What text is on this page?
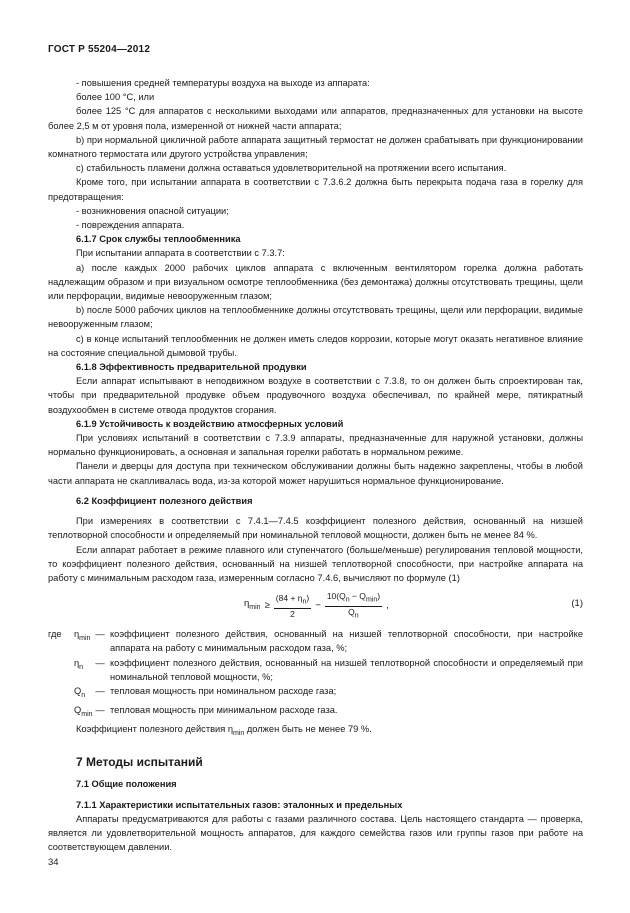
ГОСТ Р 55204—2012

- повышения средней температуры воздуха на выходе из аппарата:

более 100 °С, или

более 125 °С для аппаратов с несколькими выходами или аппаратов, предназначенных для установки на высоте более 2,5 м от уровня пола, измеренной от нижней части аппарата;

b) при нормальной цикличной работе аппарата защитный термостат не должен срабатывать при функционировании комнатного термостата или другого устройства управления;

c) стабильность пламени должна оставаться удовлетворительной на протяжении всего испытания.

Кроме того, при испытании аппарата в соответствии с 7.3.6.2 должна быть перекрыта подача газа в горелку для предотвращения:

- возникновения опасной ситуации;

- повреждения аппарата.

6.1.7 Срок службы теплообменника

При испытании аппарата в соответствии с 7.3.7:

a) после каждых 2000 рабочих циклов аппарата с включенным вентилятором горелка должна работать надлежащим образом и при визуальном осмотре теплообменника (без демонтажа) должны отсутствовать трещины, щели или перфорации, видимые невооруженным глазом;

b) после 5000 рабочих циклов на теплообменнике должны отсутствовать трещины, щели или перфорации, видимые невооруженным глазом;

c) в конце испытаний теплообменник не должен иметь следов коррозии, которые могут оказать негативное влияние на состояние специальной дымовой трубы.

6.1.8 Эффективность предварительной продувки

Если аппарат испытывают в неподвижном воздухе в соответствии с 7.3.8, то он должен быть спроектирован так, чтобы при предварительной продувке объем продувочного воздуха обеспечивал, по крайней мере, пятикратный воздухообмен в системе отвода продуктов сгорания.

6.1.9 Устойчивость к воздействию атмосферных условий

При условиях испытаний в соответствии с 7.3.9 аппараты, предназначенные для наружной установки, должны нормально функционировать, а основная и запальная горелки работать в нормальном режиме.

Панели и дверцы для доступа при техническом обслуживании должны быть надежно закреплены, чтобы в любой части аппарата не скапливалась вода, из-за которой может нарушиться нормальное функционирование.

6.2 Коэффициент полезного действия

При измерениях в соответствии с 7.4.1—7.4.5 коэффициент полезного действия, основанный на низшей теплотворной способности и определяемый при номинальной тепловой мощности, должен быть не менее 84 %.

Если аппарат работает в режиме плавного или ступенчатого (больше/меньше) регулирования тепловой мощности, то коэффициент полезного действия, основанный на низшей теплотворной способности, при настройке аппарата на работу с минимальным расходом газа, измеренным согласно 7.4.6, вычисляют по формуле (1)

$\eta_{min} \ge \frac{(84 + \eta_n)}{2} - \frac{10(Q_n - Q_{min})}{Q_n}$ ,	(1)
где	$\eta_{min}$ — коэффициент полезного действия, основанный на низшей теплотворной способности, при настройке аппарата на работу с минимальным расходом газа, %;
$\eta_n$	— коэффициент полезного действия, основанный на низшей теплотворной способности и определяемый при номинальной тепловой мощности, %;
$Q_n$	— тепловая мощность при номинальном расходе газа;
$Q_{min}$ — тепловая мощность при минимальном расходе газа.

Коэффициент полезного действия $\eta_{min}$ должен быть не менее 79 %.

7 Методы испытаний

7.1 Общие положения

7.1.1 Характеристики испытательных газов: эталонных и предельных

Аппараты предусматриваются для работы с газами различного состава. Цель настоящего стандарта — проверка, является ли удовлетворительной мощность аппаратов, для каждого семейства газов или группы газов при работе на соответствующем давлении.

34
